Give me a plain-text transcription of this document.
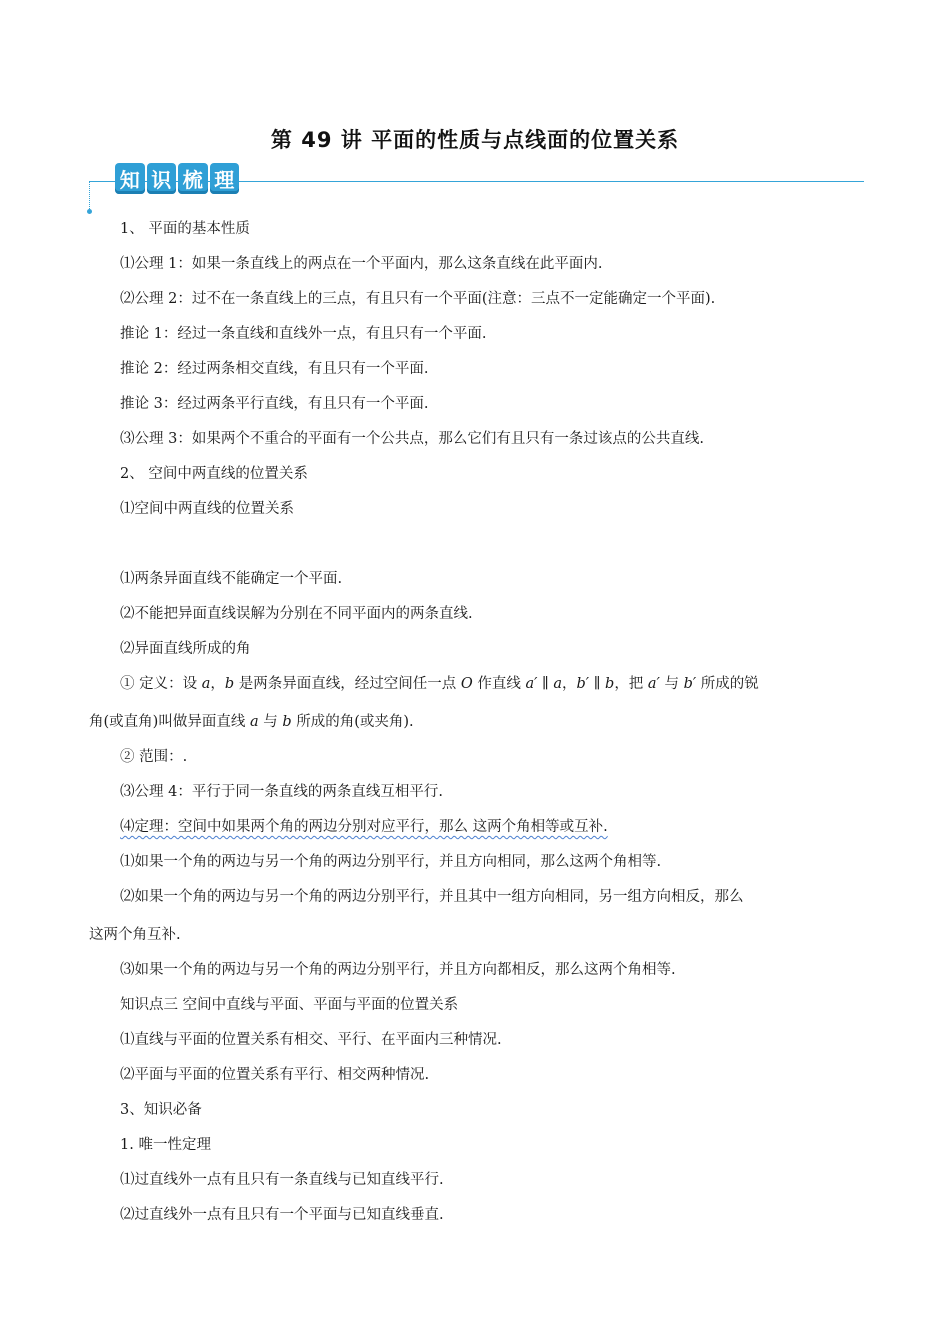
第 49 讲 平面的性质与点线面的位置关系
知 识 梳 理
1、 平面的基本性质
⑴公理 1：如果一条直线上的两点在一个平面内，那么这条直线在此平面内.
⑵公理 2：过不在一条直线上的三点，有且只有一个平面(注意：三点不一定能确定一个平面).
推论 1：经过一条直线和直线外一点，有且只有一个平面.
推论 2：经过两条相交直线，有且只有一个平面.
推论 3：经过两条平行直线，有且只有一个平面.
⑶公理 3：如果两个不重合的平面有一个公共点，那么它们有且只有一条过该点的公共直线.
2、 空间中两直线的位置关系
⑴空间中两直线的位置关系
⑴两条异面直线不能确定一个平面.
⑵不能把异面直线误解为分别在不同平面内的两条直线.
⑵异面直线所成的角
① 定义：设 a，b 是两条异面直线，经过空间任一点 O 作直线 a′ ∥ a，b′ ∥ b，把 a′ 与 b′ 所成的锐
角(或直角)叫做异面直线 a 与 b 所成的角(或夹角).
② 范围：.
⑶公理 4：平行于同一条直线的两条直线互相平行.
⑷定理：空间中如果两个角的两边分别对应平行，那么 这两个角相等或互补.
⑴如果一个角的两边与另一个角的两边分别平行，并且方向相同，那么这两个角相等.
⑵如果一个角的两边与另一个角的两边分别平行，并且其中一组方向相同，另一组方向相反，那么
这两个角互补.
⑶如果一个角的两边与另一个角的两边分别平行，并且方向都相反，那么这两个角相等.
知识点三 空间中直线与平面、平面与平面的位置关系
⑴直线与平面的位置关系有相交、平行、在平面内三种情况.
⑵平面与平面的位置关系有平行、相交两种情况.
3、知识必备
1. 唯一性定理
⑴过直线外一点有且只有一条直线与已知直线平行.
⑵过直线外一点有且只有一个平面与已知直线垂直.
